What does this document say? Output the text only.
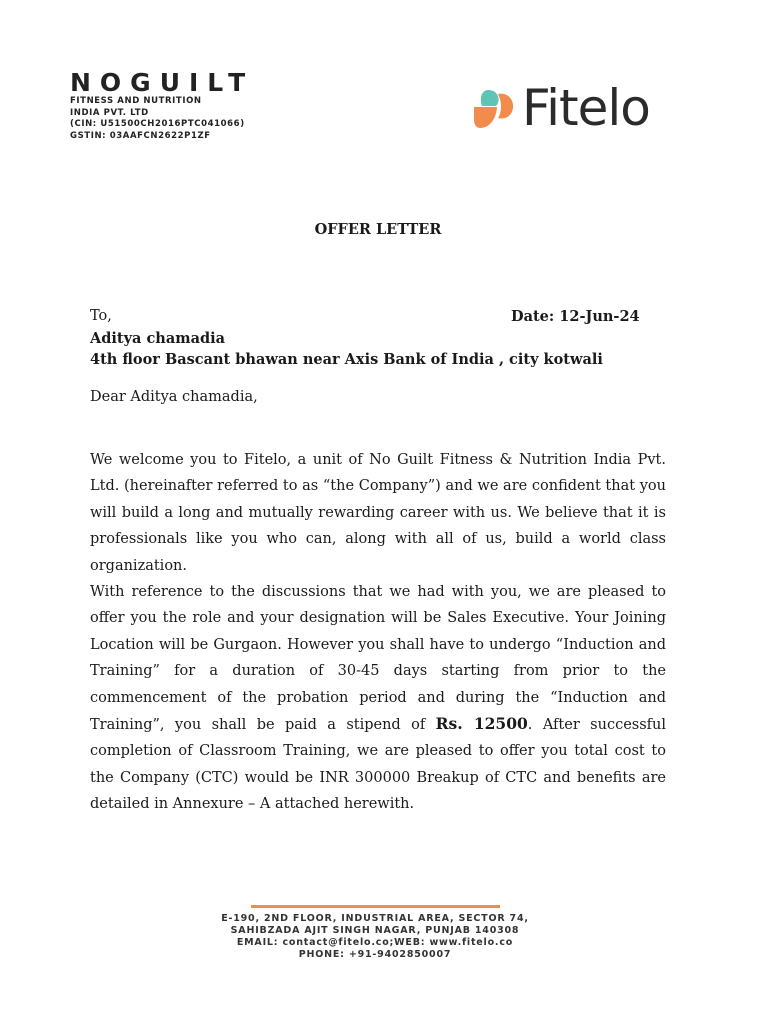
NOGUILT
FITNESS AND NUTRITION
INDIA PVT. LTD
(CIN: U51500CH2016PTC041066)
GSTIN: 03AAFCN2622P1ZF	Fitelo
OFFER LETTER
To,	Date: 12-Jun-24
Aditya chamadia
4th floor Bascant bhawan near Axis Bank of India , city kotwali
Dear Aditya chamadia,

We welcome you to Fitelo, a unit of No Guilt Fitness & Nutrition India Pvt. Ltd. (hereinafter referred to as “the Company”) and we are confident that you will build a long and mutually rewarding career with us. We believe that it is professionals like you who can, along with all of us, build a world class organization.

With reference to the discussions that we had with you, we are pleased to offer you the role and your designation will be Sales Executive. Your Joining Location will be Gurgaon. However you shall have to undergo “Induction and Training” for a duration of 30-45 days starting from prior to the commencement of the probation period and during the “Induction and Training”, you shall be paid a stipend of Rs. 12500. After successful completion of Classroom Training, we are pleased to offer you total cost to the Company (CTC) would be INR 300000 Breakup of CTC and benefits are detailed in Annexure – A attached herewith.

E-190, 2ND FLOOR, INDUSTRIAL AREA, SECTOR 74,
SAHIBZADA AJIT SINGH NAGAR, PUNJAB 140308
EMAIL: contact@fitelo.co;WEB: www.fitelo.co
PHONE: +91-9402850007
